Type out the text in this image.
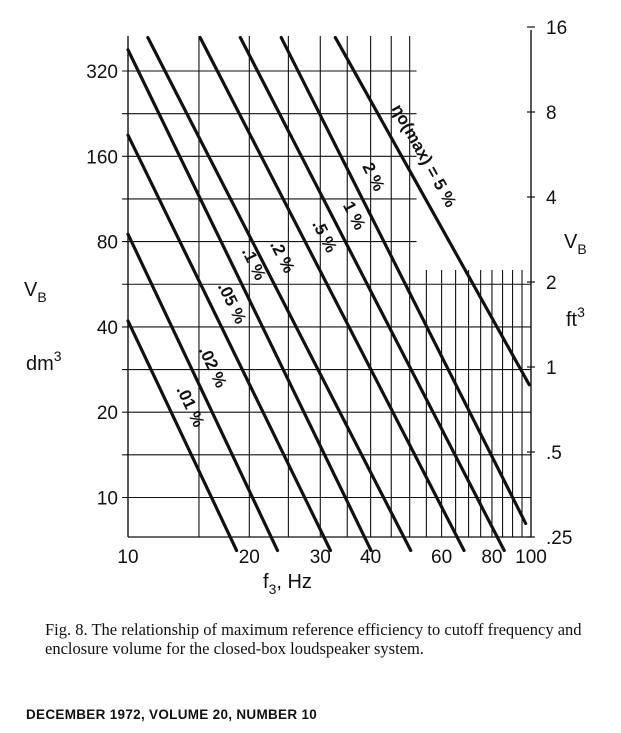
.01 %
.02 %
.05 %
.1 %
.2 %
.5 %
1 %
2 % ηo(max) = 5 %
10	20	30 40	60 80 100
10
20
40
80
160
320
.25
.5
1
2
4
8
16
$f_3$, Hz
$V_B$
$dm^3$
$V_B$
$ft^3$
Fig. 8. The relationship of maximum reference efficiency to cutoff frequency and enclosure volume for the closed-box loudspeaker system.
DECEMBER 1972, VOLUME 20, NUMBER 10
